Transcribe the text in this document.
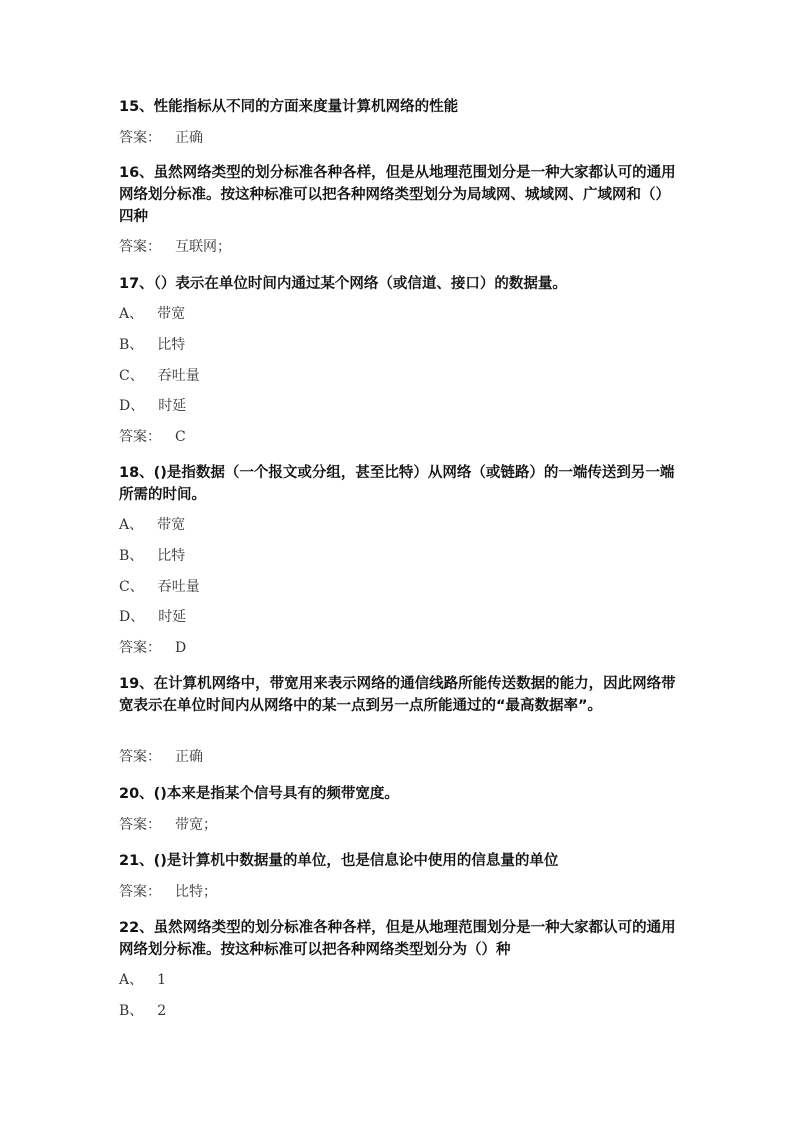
15、性能指标从不同的方面来度量计算机网络的性能
答案： 正确
16、虽然网络类型的划分标准各种各样，但是从地理范围划分是一种大家都认可的通用网络划分标准。按这种标准可以把各种网络类型划分为局域网、城域网、广域网和（）四种
答案： 互联网；
17、（）表示在单位时间内通过某个网络（或信道、接口）的数据量。
A、 带宽
B、 比特
C、 吞吐量
D、 时延
答案： C
18、()是指数据（一个报文或分组，甚至比特）从网络（或链路）的一端传送到另一端所需的时间。
A、 带宽
B、 比特
C、 吞吐量
D、 时延
答案： D
19、在计算机网络中，带宽用来表示网络的通信线路所能传送数据的能力，因此网络带宽表示在单位时间内从网络中的某一点到另一点所能通过的“最高数据率”。
答案： 正确
20、()本来是指某个信号具有的频带宽度。
答案： 带宽；
21、()是计算机中数据量的单位，也是信息论中使用的信息量的单位
答案： 比特；
22、虽然网络类型的划分标准各种各样，但是从地理范围划分是一种大家都认可的通用网络划分标准。按这种标准可以把各种网络类型划分为（）种
A、 1
B、 2
